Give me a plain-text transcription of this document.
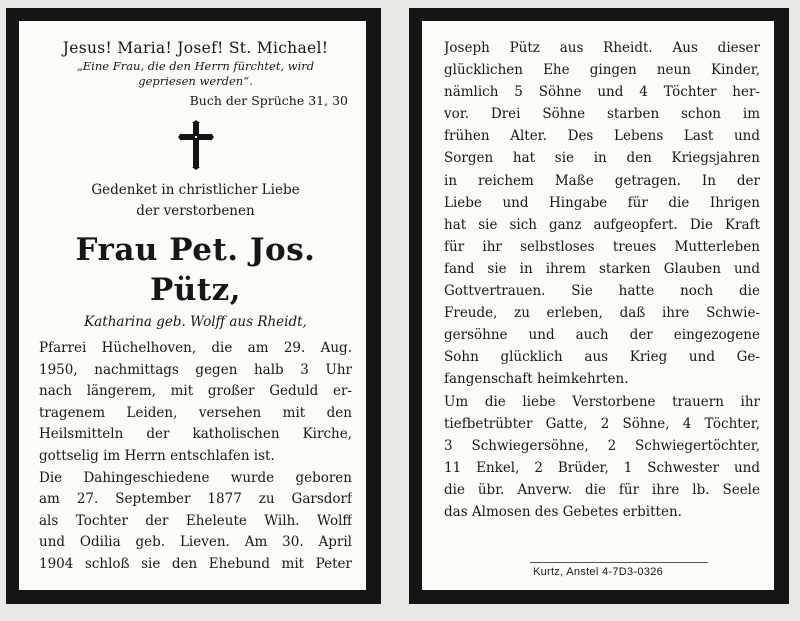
Jesus! Maria! Josef! St. Michael!

„Eine Frau, die den Herrn fürchtet, wird
gepriesen werden“.

Buch der Sprüche 31, 30

Gedenket in christlicher Liebe
der verstorbenen

Frau Pet. Jos. Pütz,

Katharina geb. Wolff aus Rheidt,

Pfarrei Hüchelhoven, die am 29. Aug.
1950, nachmittags gegen halb 3 Uhr
nach längerem, mit großer Geduld er-
tragenem Leiden, versehen mit den
Heilsmitteln der katholischen Kirche,
gottselig im Herrn entschlafen ist.
Die Dahingeschiedene wurde geboren
am 27. September 1877 zu Garsdorf
als Tochter der Eheleute Wilh. Wolff
und Odilia geb. Lieven. Am 30. April
1904 schloß sie den Ehebund mit Peter
Joseph Pütz aus Rheidt. Aus dieser
glücklichen Ehe gingen neun Kinder,
nämlich 5 Söhne und 4 Töchter her-
vor. Drei Söhne starben schon im
frühen Alter. Des Lebens Last und
Sorgen hat sie in den Kriegsjahren
in reichem Maße getragen. In der
Liebe und Hingabe für die Ihrigen
hat sie sich ganz aufgeopfert. Die Kraft
für ihr selbstloses treues Mutterleben
fand sie in ihrem starken Glauben und
Gottvertrauen. Sie hatte noch die
Freude, zu erleben, daß ihre Schwie-
gersöhne und auch der eingezogene
Sohn glücklich aus Krieg und Ge-
fangenschaft heimkehrten.
Um die liebe Verstorbene trauern ihr
tiefbetrübter Gatte, 2 Söhne, 4 Töchter,
3 Schwiegersöhne, 2 Schwiegertöchter,
11 Enkel, 2 Brüder, 1 Schwester und
die übr. Anverw. die für ihre lb. Seele
das Almosen des Gebetes erbitten.
Kurtz, Anstel 4-7D3-0326
